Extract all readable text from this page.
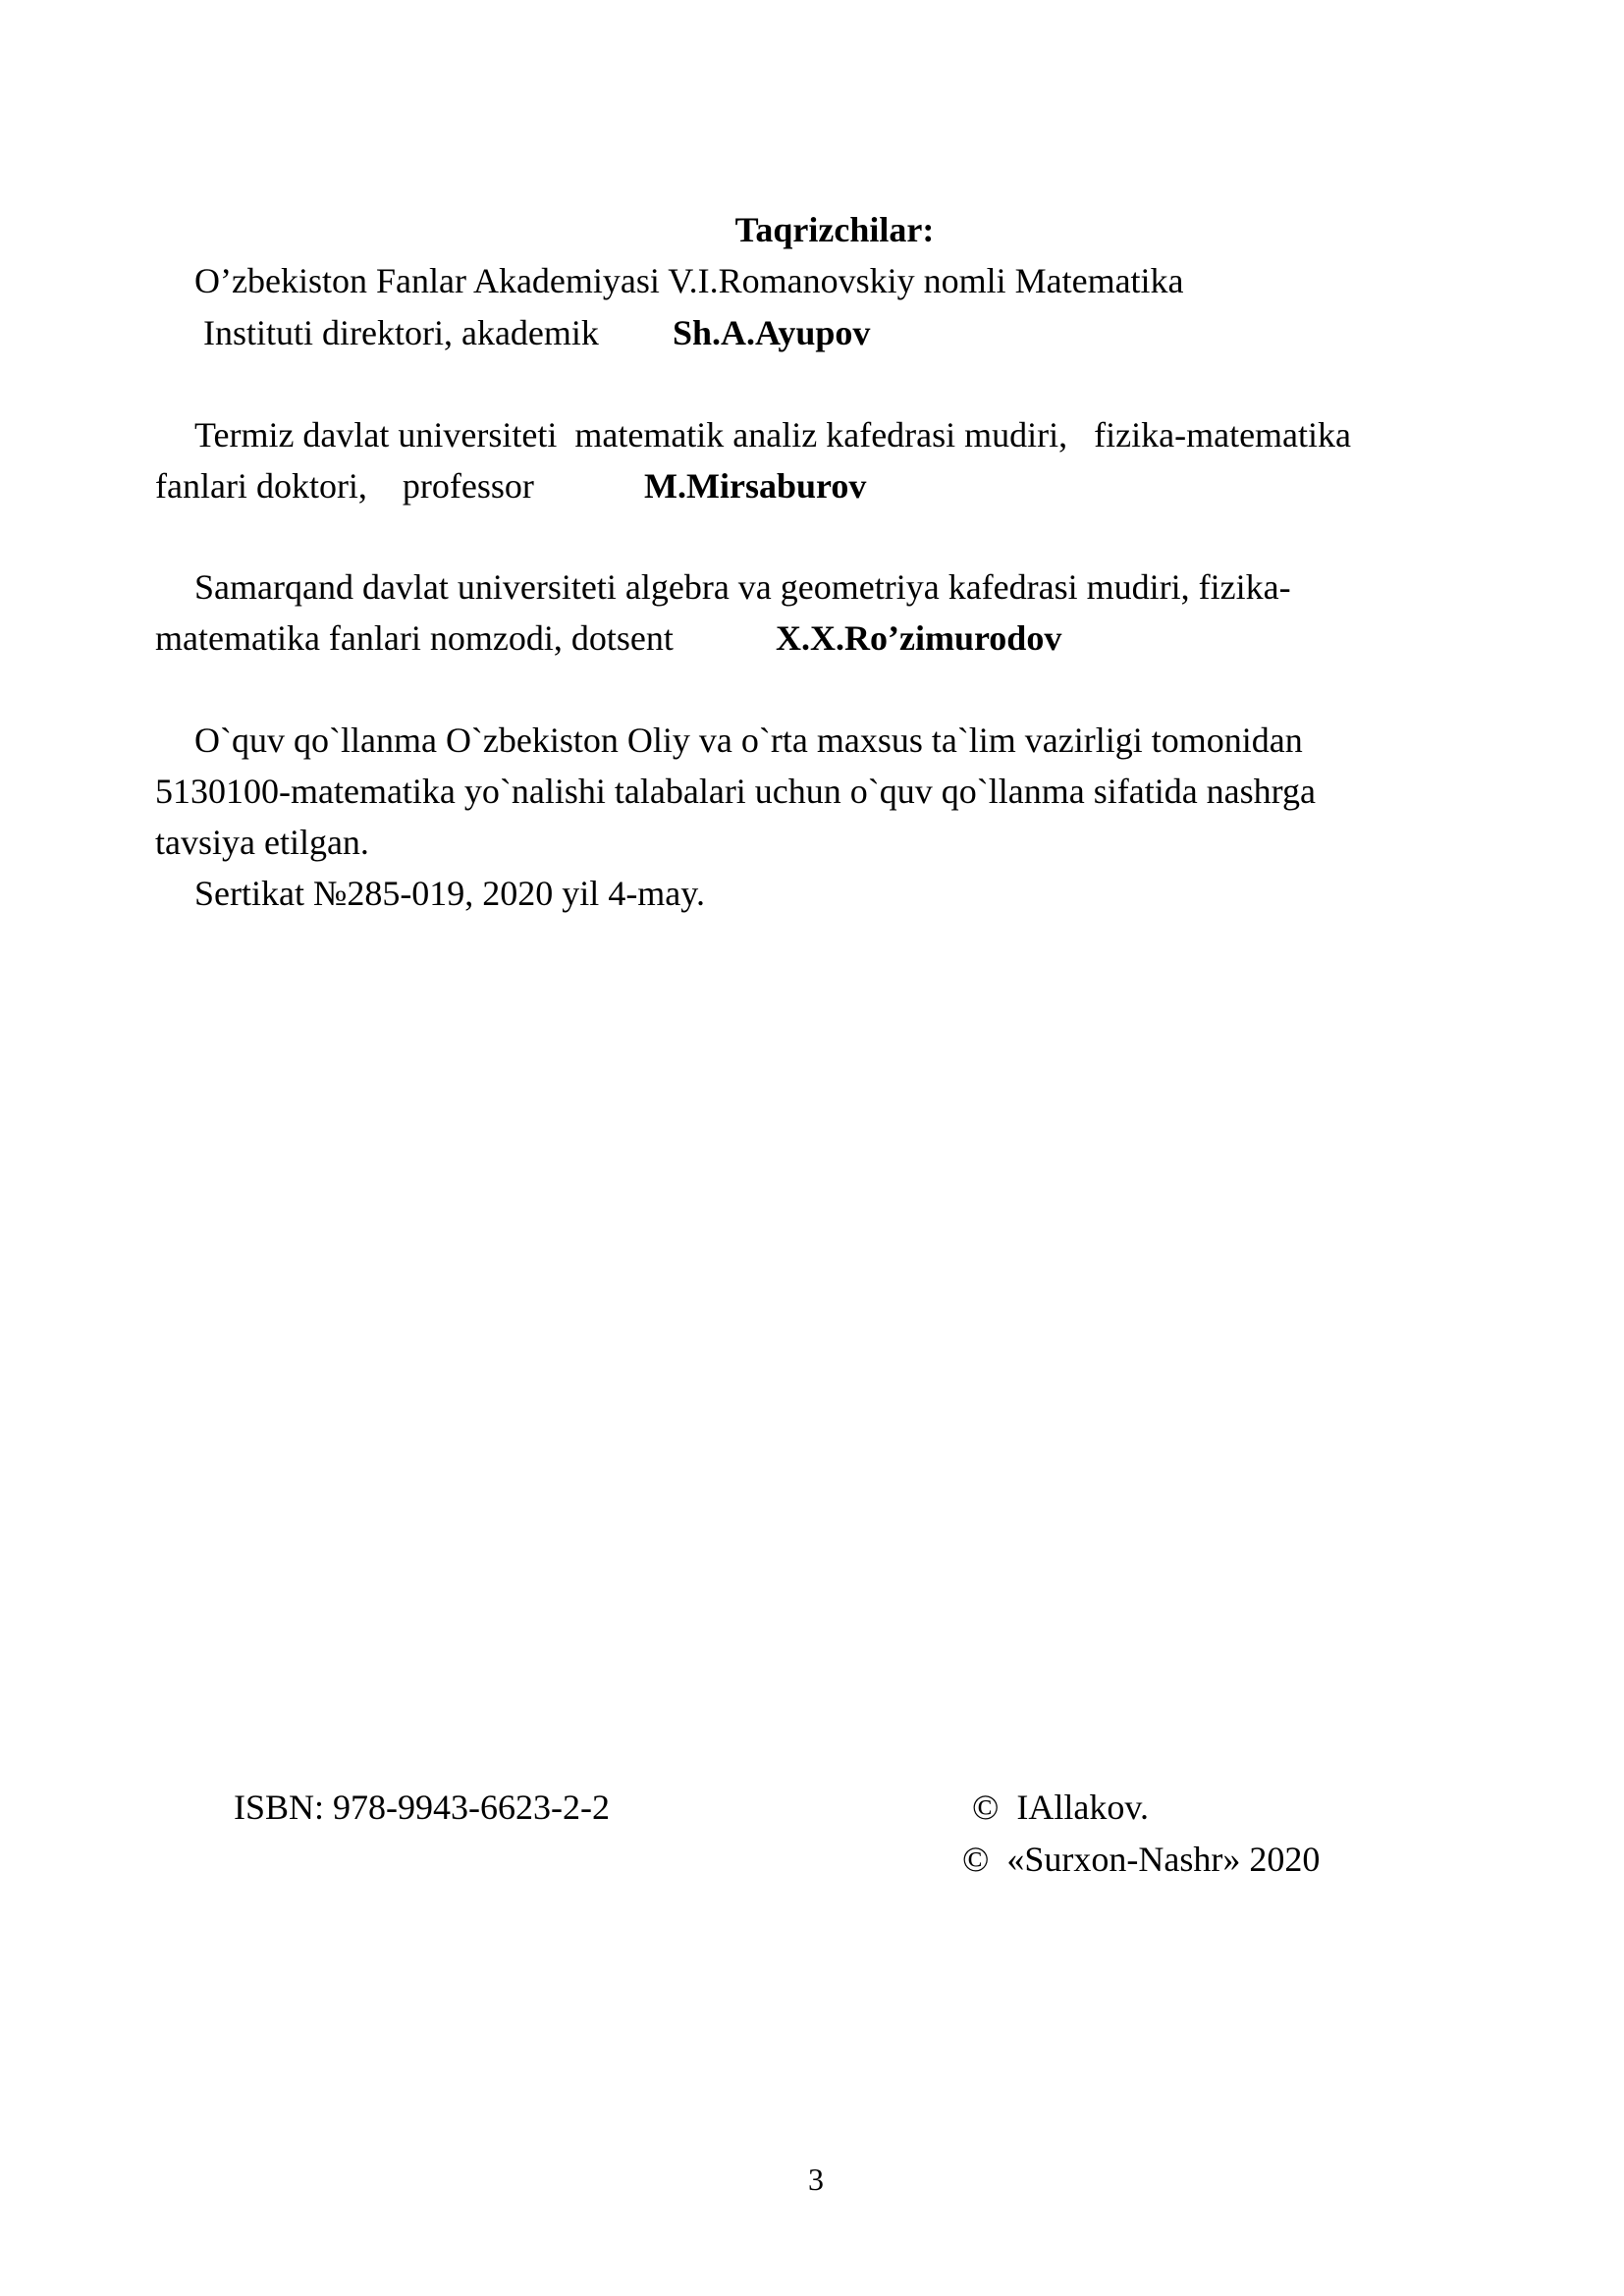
Taqrizchilar:
O’zbekiston Fanlar Akademiyasi V.I.Romanovskiy nomli Matematika
Instituti direktori, akademik Sh.A.Ayupov
Termiz davlat universiteti  matematik analiz kafedrasi mudiri,   fizika-matematika
fanlari doktori,    professor	M.Mirsaburov
Samarqand davlat universiteti algebra va geometriya kafedrasi mudiri, fizika-
matematika fanlari nomzodi, dotsent	X.X.Ro’zimurodov
O`quv qo`llanma O`zbekiston Oliy va o`rta maxsus ta`lim vazirligi tomonidan
5130100-matematika yo`nalishi talabalari uchun o`quv qo`llanma sifatida nashrga
tavsiya etilgan.
Sertikat №285-019, 2020 yil 4-may.
ISBN: 978-9943-6623-2-2	©  IAllakov.
©  «Surxon-Nashr» 2020
3
